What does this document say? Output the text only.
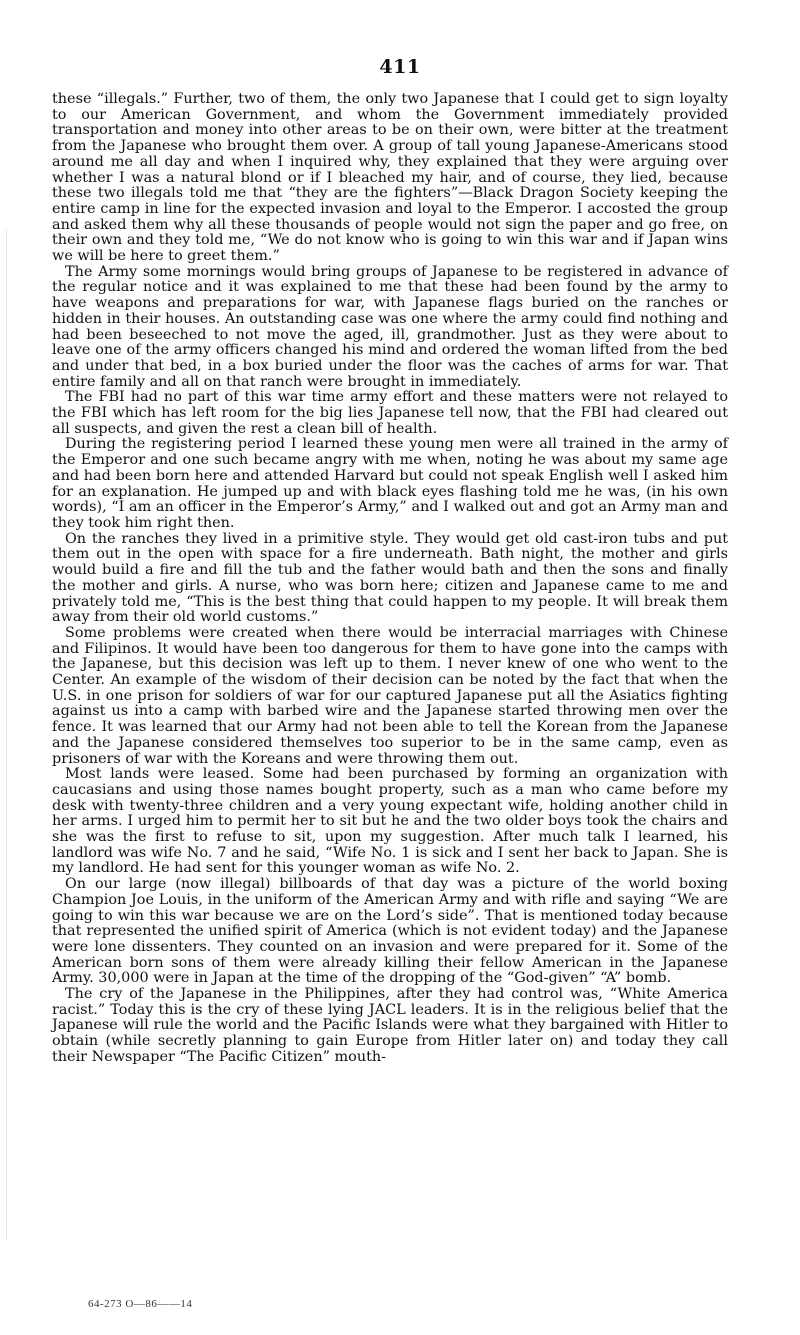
411

these “illegals.” Further, two of them, the only two Japanese that I could get to sign loyalty to our American Government, and whom the Government immediately provided transportation and money into other areas to be on their own, were bitter at the treatment from the Japanese who brought them over. A group of tall young Japanese-Americans stood around me all day and when I inquired why, they explained that they were arguing over whether I was a natural blond or if I bleached my hair, and of course, they lied, because these two illegals told me that “they are the fighters”—Black Dragon Society keeping the entire camp in line for the expected invasion and loyal to the Emperor. I accosted the group and asked them why all these thousands of people would not sign the paper and go free, on their own and they told me, “We do not know who is going to win this war and if Japan wins we will be here to greet them.”

The Army some mornings would bring groups of Japanese to be registered in advance of the regular notice and it was explained to me that these had been found by the army to have weapons and preparations for war, with Japanese flags buried on the ranches or hidden in their houses. An outstanding case was one where the army could find nothing and had been beseeched to not move the aged, ill, grandmother. Just as they were about to leave one of the army officers changed his mind and ordered the woman lifted from the bed and under that bed, in a box buried under the floor was the caches of arms for war. That entire family and all on that ranch were brought in immediately.

The FBI had no part of this war time army effort and these matters were not relayed to the FBI which has left room for the big lies Japanese tell now, that the FBI had cleared out all suspects, and given the rest a clean bill of health.

During the registering period I learned these young men were all trained in the army of the Emperor and one such became angry with me when, noting he was about my same age and had been born here and attended Harvard but could not speak English well I asked him for an explanation. He jumped up and with black eyes flashing told me he was, (in his own words), “I am an officer in the Emperor’s Army,” and I walked out and got an Army man and they took him right then.

On the ranches they lived in a primitive style. They would get old cast-iron tubs and put them out in the open with space for a fire underneath. Bath night, the mother and girls would build a fire and fill the tub and the father would bath and then the sons and finally the mother and girls. A nurse, who was born here; citizen and Japanese came to me and privately told me, “This is the best thing that could happen to my people. It will break them away from their old world customs.”

Some problems were created when there would be interracial marriages with Chinese and Filipinos. It would have been too dangerous for them to have gone into the camps with the Japanese, but this decision was left up to them. I never knew of one who went to the Center. An example of the wisdom of their decision can be noted by the fact that when the U.S. in one prison for soldiers of war for our captured Japanese put all the Asiatics fighting against us into a camp with barbed wire and the Japanese started throwing men over the fence. It was learned that our Army had not been able to tell the Korean from the Japanese and the Japanese considered themselves too superior to be in the same camp, even as prisoners of war with the Koreans and were throwing them out.

Most lands were leased. Some had been purchased by forming an organization with caucasians and using those names bought property, such as a man who came before my desk with twenty-three children and a very young expectant wife, holding another child in her arms. I urged him to permit her to sit but he and the two older boys took the chairs and she was the first to refuse to sit, upon my suggestion. After much talk I learned, his landlord was wife No. 7 and he said, “Wife No. 1 is sick and I sent her back to Japan. She is my landlord. He had sent for this younger woman as wife No. 2.

On our large (now illegal) billboards of that day was a picture of the world boxing Champion Joe Louis, in the uniform of the American Army and with rifle and saying “We are going to win this war because we are on the Lord’s side”. That is mentioned today because that represented the unified spirit of America (which is not evident today) and the Japanese were lone dissenters. They counted on an invasion and were prepared for it. Some of the American born sons of them were already killing their fellow American in the Japanese Army. 30,000 were in Japan at the time of the dropping of the “God-given” “A” bomb.

The cry of the Japanese in the Philippines, after they had control was, “White America racist.” Today this is the cry of these lying JACL leaders. It is in the religious belief that the Japanese will rule the world and the Pacific Islands were what they bargained with Hitler to obtain (while secretly planning to gain Europe from Hitler later on) and today they call their Newspaper “The Pacific Citizen” mouth-

64-273 O—86——14
